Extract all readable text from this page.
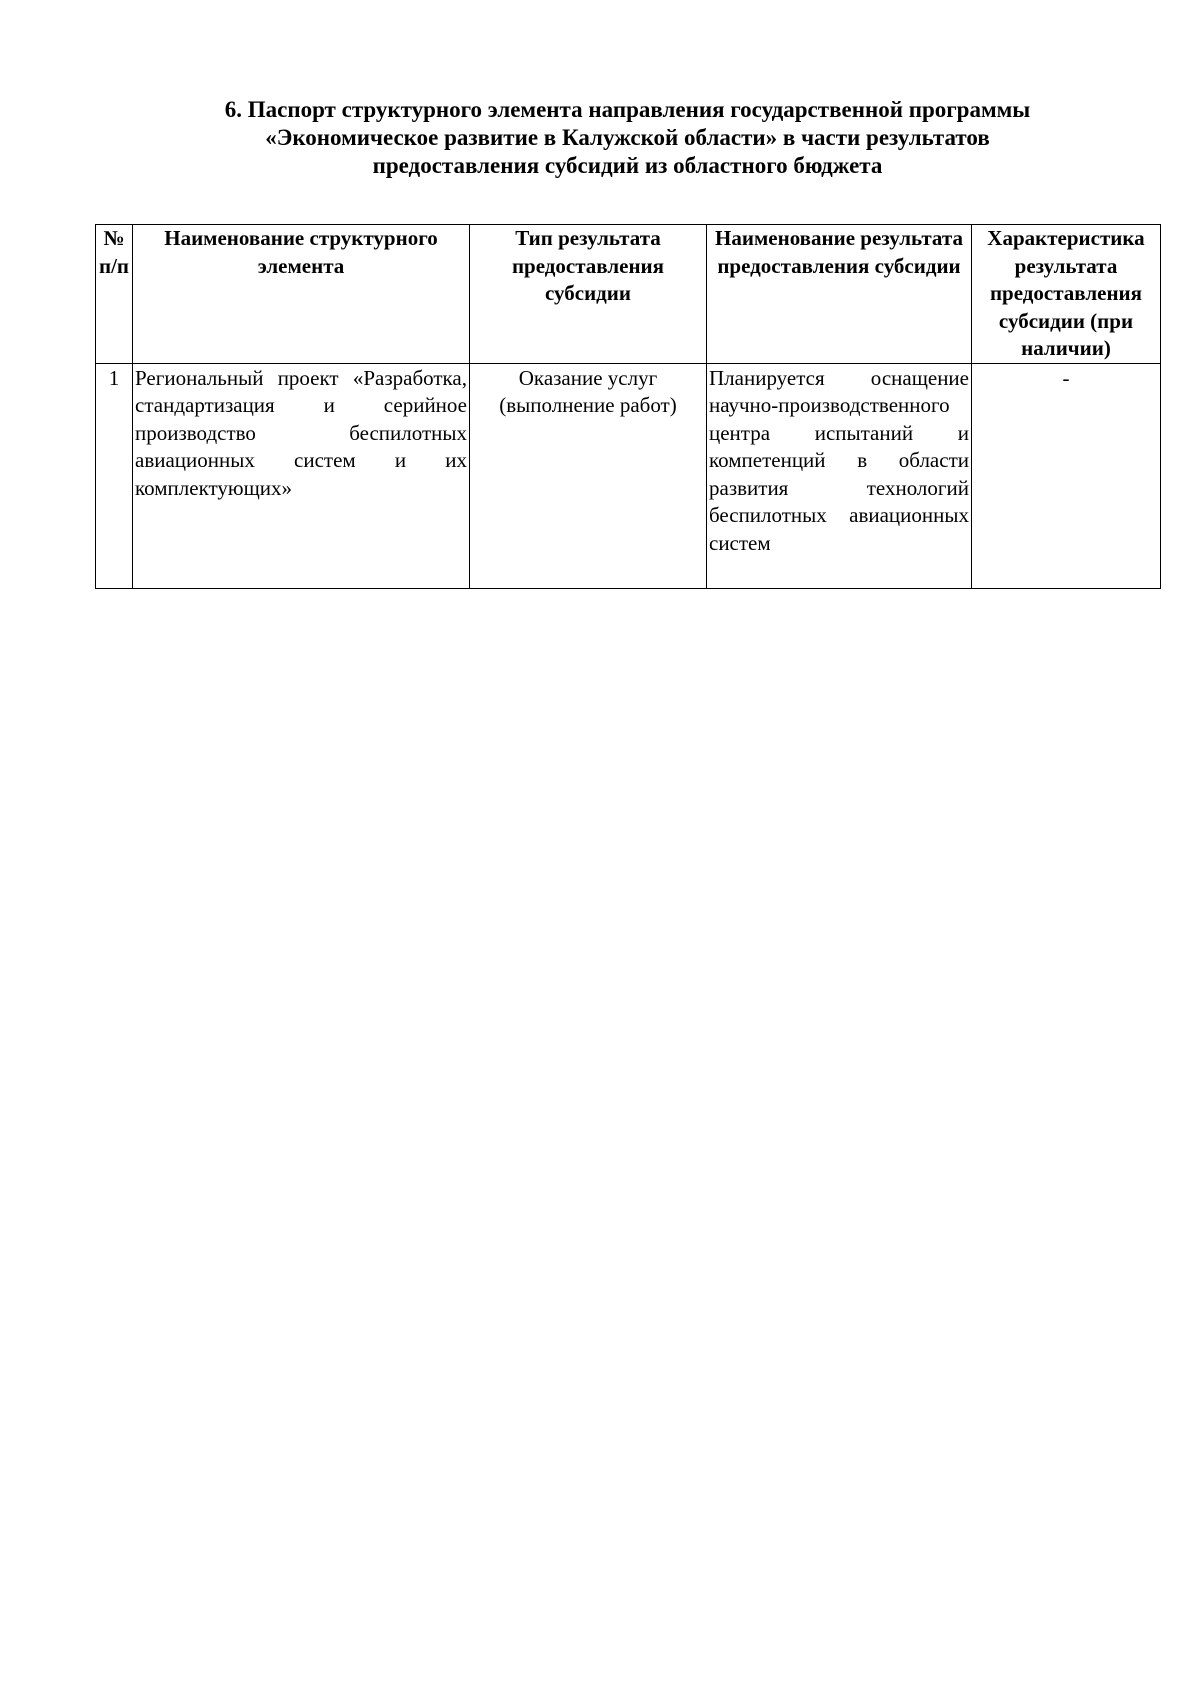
6. Паспорт структурного элемента направления государственной программы
«Экономическое развитие в Калужской области» в части результатов
предоставления субсидий из областного бюджета
№ п/п	Наименование структурного элемента	Тип результата предоставления субсидии	Наименование результата предоставления субсидии	Характеристика результата предоставления субсидии (при наличии)

1	Региональный проект «Разработка, стандартизация и серийное производство беспилотных авиационных систем и их комплектующих»	Оказание услуг (выполнение работ)	Планируется оснащение научно-производственного центра испытаний и компетенций в области развития технологий беспилотных авиационных систем	-
